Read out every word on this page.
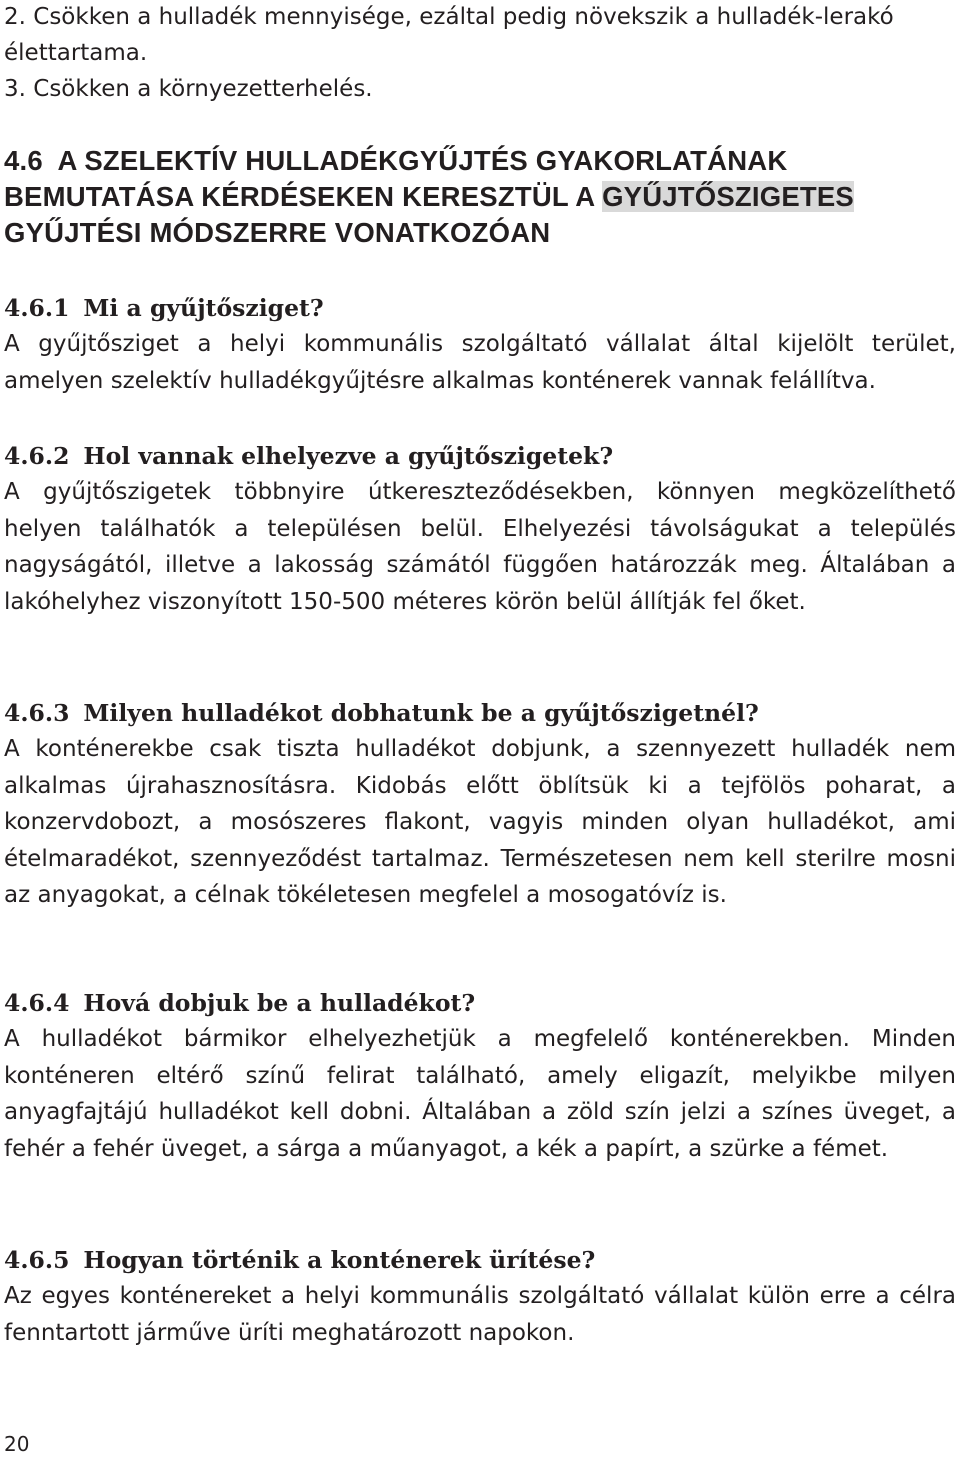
2. Csökken a hulladék mennyisége, ezáltal pedig növekszik a hulladék-lerakó élettartama.

3. Csökken a környezetterhelés.

4.6 A SZELEKTÍV HULLADÉKGYŰJTÉS GYAKORLATÁNAK BEMUTATÁSA KÉRDÉSEKEN KERESZTÜL A GYŰJTŐSZIGETES GYŰJTÉSI MÓDSZERRE VONATKOZÓAN
4.6.1 Mi a gyűjtősziget?

A gyűjtősziget a helyi kommunális szolgáltató vállalat által kijelölt terület, amelyen szelektív hulladékgyűjtésre alkalmas konténerek vannak felállítva.

4.6.2 Hol vannak elhelyezve a gyűjtőszigetek?

A gyűjtőszigetek többnyire útkereszteződésekben, könnyen megközelíthető helyen találhatók a településen belül. Elhelyezési távolságukat a település nagyságától, illetve a lakosság számától függően határozzák meg. Általában a lakóhelyhez viszonyított 150-500 méteres körön belül állítják fel őket.

4.6.3 Milyen hulladékot dobhatunk be a gyűjtőszigetnél?

A konténerekbe csak tiszta hulladékot dobjunk, a szennyezett hulladék nem alkalmas újrahasznosításra. Kidobás előtt öblítsük ki a tejfölös poharat, a konzervdobozt, a mosószeres flakont, vagyis minden olyan hulladékot, ami ételmaradékot, szennyeződést tartalmaz. Természetesen nem kell sterilre mosni az anyagokat, a célnak tökéletesen megfelel a mosogatóvíz is.

4.6.4 Hová dobjuk be a hulladékot?

A hulladékot bármikor elhelyezhetjük a megfelelő konténerekben. Minden konténeren eltérő színű felirat található, amely eligazít, melyikbe milyen anyagfajtájú hulladékot kell dobni. Általában a zöld szín jelzi a színes üveget, a fehér a fehér üveget, a sárga a műanyagot, a kék a papírt, a szürke a fémet.

4.6.5 Hogyan történik a konténerek ürítése?

Az egyes konténereket a helyi kommunális szolgáltató vállalat külön erre a célra fenntartott járműve üríti meghatározott napokon.

20
